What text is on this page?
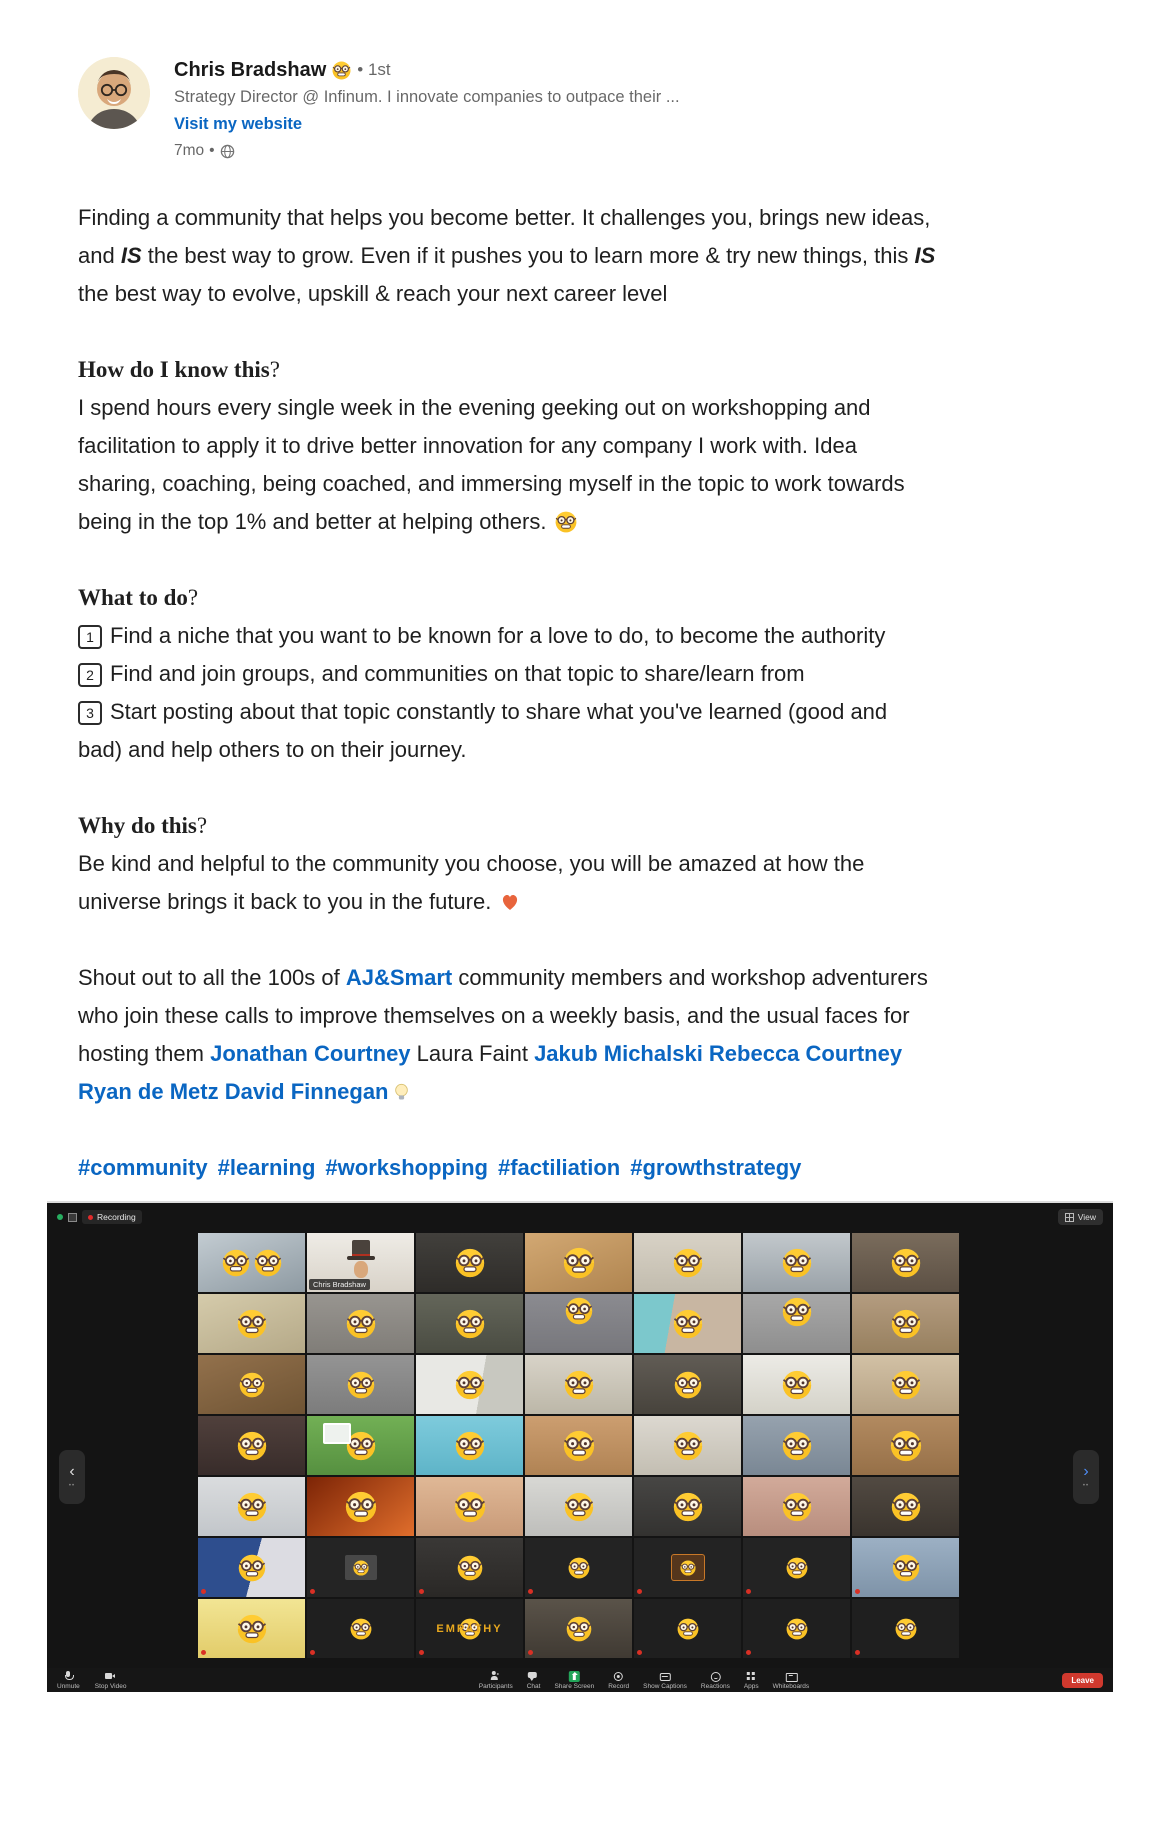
Chris Bradshaw • 1st
Strategy Director @ Infinum. I innovate companies to outpace their ...
Visit my website
7mo •

Finding a community that helps you become better. It challenges you, brings new ideas, and IS the best way to grow. Even if it pushes you to learn more & try new things, this IS the best way to evolve, upskill & reach your next career level

How do I know this?
I spend hours every single week in the evening geeking out on workshopping and facilitation to apply it to drive better innovation for any company I work with. Idea sharing, coaching, being coached, and immersing myself in the topic to work towards being in the top 1% and better at helping others.

What to do?
1 Find a niche that you want to be known for a love to do, to become the authority
2 Find and join groups, and communities on that topic to share/learn from
3 Start posting about that topic constantly to share what you've learned (good and bad) and help others to on their journey.

Why do this?
Be kind and helpful to the community you choose, you will be amazed at how the universe brings it back to you in the future.

Shout out to all the 100s of AJ&Smart community members and workshop adventurers who join these calls to improve themselves on a weekly basis, and the usual faces for hosting them Jonathan Courtney Laura Faint Jakub Michalski Rebecca Courtney Ryan de Metz David Finnegan

#community #learning #workshopping #factiliation #growthstrategy

Recording	View
Chris Bradshaw
EMPATHY
‹
••
›
••
Unmute Stop Video	Participants Chat Share Screen Record Show Captions Reactions Apps Whiteboards
Leave
